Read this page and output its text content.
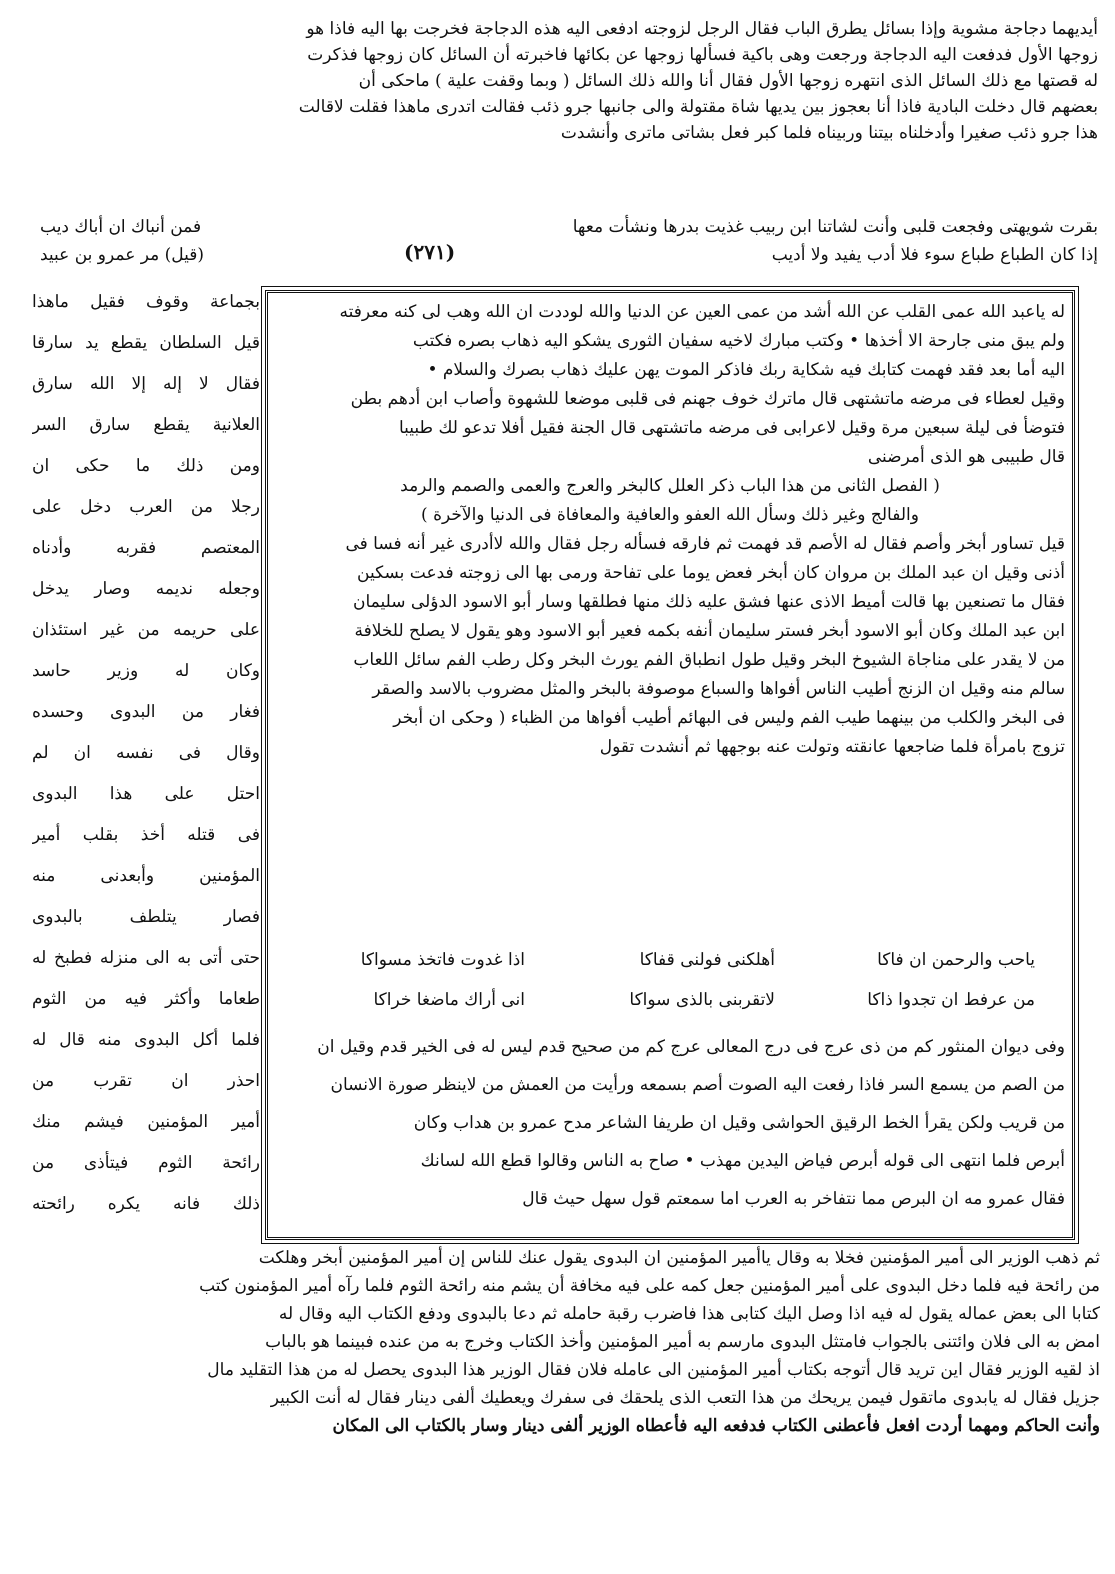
أيديهما دجاجة مشوية وإذا بسائل يطرق الباب فقال الرجل لزوجته ادفعى اليه هذه الدجاجة فخرجت بها اليه فاذا هو
زوجها الأول فدفعت اليه الدجاجة ورجعت وهى باكية فسألها زوجها عن بكائها فاخبرته أن السائل كان زوجها فذكرت
له قصتها مع ذلك السائل الذى انتهره زوجها الأول فقال أنا والله ذلك السائل ( وبما وقفت علية ) ماحكى أن
بعضهم قال دخلت البادية فاذا أنا بعجوز بين يديها شاة مقتولة والى جانبها جرو ذئب فقالت اتدرى ماهذا فقلت لاقالت
هذا جرو ذئب صغيرا وأدخلناه بيتنا وربيناه فلما كبر فعل بشاتى ماترى وأنشدت
بقرت شويهتى وفجعت قلبى وأنت لشاتنا ابن ربيب غذيت بدرها ونشأت معها
فمن أنباك ان أباك ديب
إذا كان الطباع طباع سوء فلا أدب يفيد ولا أديب
(قيل) مر عمرو بن عبيد	(٢٧١)
بجماعة وقوف فقيل ماهذا
قيل السلطان يقطع يد سارقا
فقال لا إله إلا الله سارق
العلانية يقطع سارق السر
ومن ذلك ما حكى ان
رجلا من العرب دخل على
المعتصم فقربه وأدناه
وجعله نديمه وصار يدخل
على حريمه من غير استئذان
وكان له وزير حاسد
فغار من البدوى وحسده
وقال فى نفسه ان لم
احتل على هذا البدوى
فى قتله أخذ بقلب أمير
المؤمنين وأبعدنى منه
فصار يتلطف بالبدوى
حتى أتى به الى منزله فطبخ له
طعاما وأكثر فيه من الثوم
فلما أكل البدوى منه قال له
احذر ان تقرب من
أمير المؤمنين فيشم منك
رائحة الثوم فيتأذى من
ذلك فانه يكره رائحته
له ياعبد الله عمى القلب عن الله أشد من عمى العين عن الدنيا والله لوددت ان الله وهب لى كنه معرفته
ولم يبق منى جارحة الا أخذها • وكتب مبارك لاخيه سفيان الثورى يشكو اليه ذهاب بصره فكتب
اليه أما بعد فقد فهمت كتابك فيه شكاية ربك فاذكر الموت يهن عليك ذهاب بصرك والسلام •
وقيل لعطاء فى مرضه ماتشتهى قال ماترك خوف جهنم فى قلبى موضعا للشهوة وأصاب ابن أدهم بطن
فتوضأ فى ليلة سبعين مرة وقيل لاعرابى فى مرضه ماتشتهى قال الجنة فقيل أفلا تدعو لك طبيبا
قال طبيبى هو الذى أمرضنى
( الفصل الثانى من هذا الباب ذكر العلل كالبخر والعرج والعمى والصمم والرمد
والفالج وغير ذلك وسأل الله العفو والعافية والمعافاة فى الدنيا والآخرة )
قيل تساور أبخر وأصم فقال له الأصم قد فهمت ثم فارقه فسأله رجل فقال والله لاأدرى غير أنه فسا فى
أذنى وقيل ان عبد الملك بن مروان كان أبخر فعض يوما على تفاحة ورمى بها الى زوجته فدعت بسكين
فقال ما تصنعين بها قالت أميط الاذى عنها فشق عليه ذلك منها فطلقها وسار أبو الاسود الدؤلى سليمان
ابن عبد الملك وكان أبو الاسود أبخر فستر سليمان أنفه بكمه فعير أبو الاسود وهو يقول لا يصلح للخلافة
من لا يقدر على مناجاة الشيوخ البخر وقيل طول انطباق الفم يورث البخر وكل رطب الفم سائل اللعاب
سالم منه وقيل ان الزنج أطيب الناس أفواها والسباع موصوفة بالبخر والمثل مضروب بالاسد والصقر
فى البخر والكلب من بينهما طيب الفم وليس فى البهائم أطيب أفواها من الظباء ( وحكى ان أبخر
تزوج بامرأة فلما ضاجعها عانقته وتولت عنه بوجهها ثم أنشدت تقول
ياحب والرحمن ان فاكا
أهلكنى فولنى قفاكا
اذا غدوت فاتخذ مسواكا
من عرفط ان تجدوا ذاكا
لاتقربنى بالذى سواكا
انى أراك ماضغا خراكا
وفى ديوان المنثور كم من ذى عرج فى درج المعالى عرج كم من صحيح قدم ليس له فى الخير قدم وقيل ان
من الصم من يسمع السر فاذا رفعت اليه الصوت أصم بسمعه ورأيت من العمش من لاينظر صورة الانسان
من قريب ولكن يقرأ الخط الرقيق الحواشى وقيل ان طريفا الشاعر مدح عمرو بن هداب وكان
أبرص فلما انتهى الى قوله أبرص فياض اليدين مهذب • صاح به الناس وقالوا قطع الله لسانك
فقال عمرو مه ان البرص مما نتفاخر به العرب اما سمعتم قول سهل حيث قال
ثم ذهب الوزير الى أمير المؤمنين فخلا به وقال ياأمير المؤمنين ان البدوى يقول عنك للناس إن أمير المؤمنين أبخر وهلكت
من رائحة فيه فلما دخل البدوى على أمير المؤمنين جعل كمه على فيه مخافة أن يشم منه رائحة الثوم فلما رآه أمير المؤمنون كتب
كتابا الى بعض عماله يقول له فيه اذا وصل اليك كتابى هذا فاضرب رقبة حامله ثم دعا بالبدوى ودفع الكتاب اليه وقال له
امض به الى فلان وائتنى بالجواب فامتثل البدوى مارسم به أمير المؤمنين وأخذ الكتاب وخرج به من عنده فبينما هو بالباب
اذ لقيه الوزير فقال اين تريد قال أتوجه بكتاب أمير المؤمنين الى عامله فلان فقال الوزير هذا البدوى يحصل له من هذا التقليد مال
جزيل فقال له يابدوى ماتقول فيمن يريحك من هذا التعب الذى يلحقك فى سفرك ويعطيك ألفى دينار فقال له أنت الكبير
وأنت الحاكم ومهما أردت افعل فأعطنى الكتاب فدفعه اليه فأعطاه الوزير ألفى دينار وسار بالكتاب الى المكان
